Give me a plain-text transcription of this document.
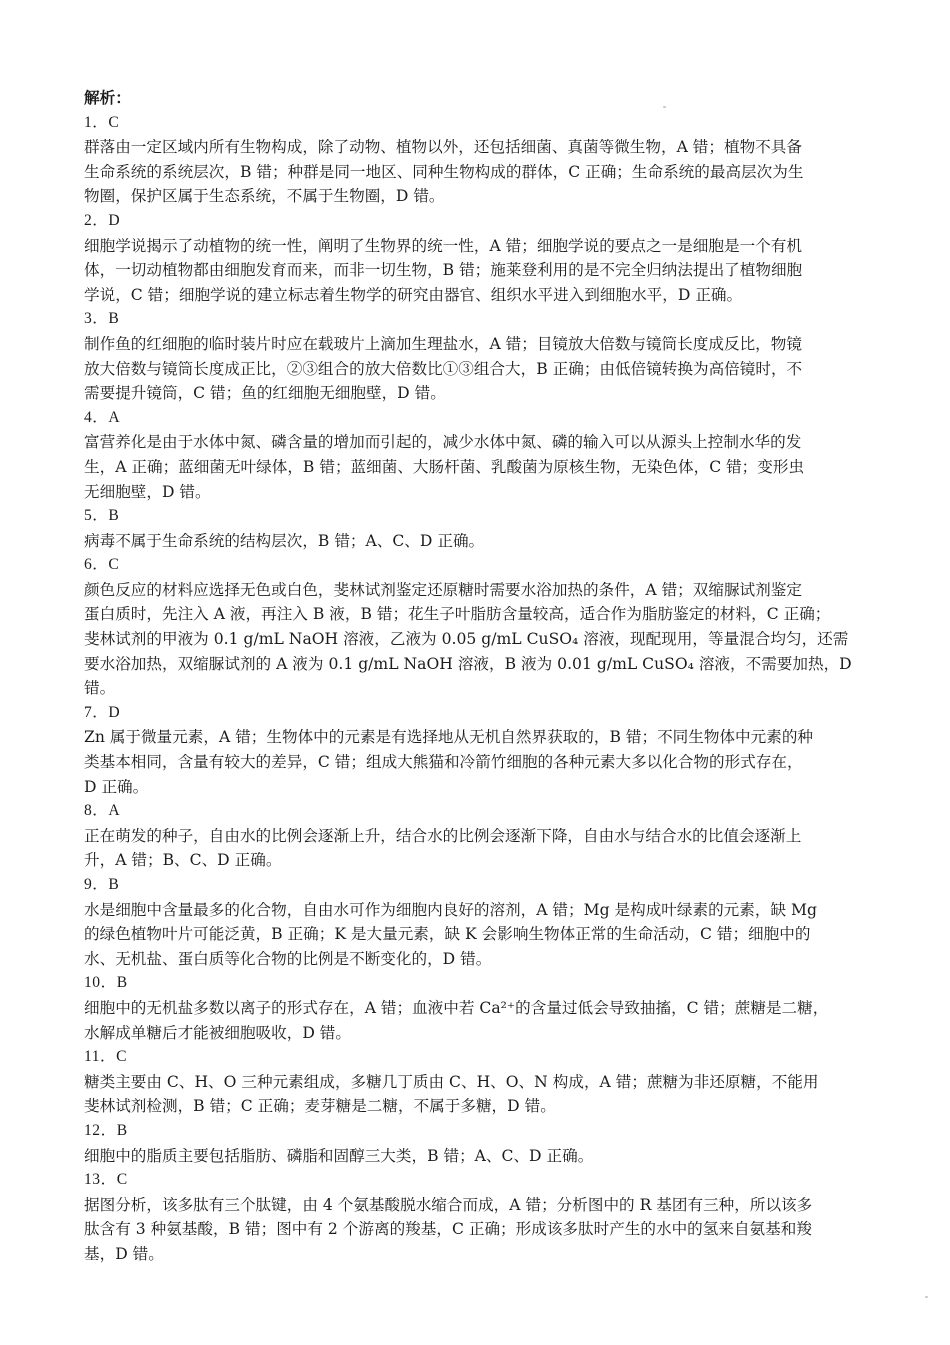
解析：
1．C
群落由一定区域内所有生物构成，除了动物、植物以外，还包括细菌、真菌等微生物，A 错；植物不具备
生命系统的系统层次，B 错；种群是同一地区、同种生物构成的群体，C 正确；生命系统的最高层次为生
物圈，保护区属于生态系统，不属于生物圈，D 错。
2．D
细胞学说揭示了动植物的统一性，阐明了生物界的统一性，A 错；细胞学说的要点之一是细胞是一个有机
体，一切动植物都由细胞发育而来，而非一切生物，B 错；施莱登利用的是不完全归纳法提出了植物细胞
学说，C 错；细胞学说的建立标志着生物学的研究由器官、组织水平进入到细胞水平，D 正确。
3．B
制作鱼的红细胞的临时装片时应在载玻片上滴加生理盐水，A 错；目镜放大倍数与镜筒长度成反比，物镜
放大倍数与镜筒长度成正比，②③组合的放大倍数比①③组合大，B 正确；由低倍镜转换为高倍镜时，不
需要提升镜筒，C 错；鱼的红细胞无细胞壁，D 错。
4．A
富营养化是由于水体中氮、磷含量的增加而引起的，减少水体中氮、磷的输入可以从源头上控制水华的发
生，A 正确；蓝细菌无叶绿体，B 错；蓝细菌、大肠杆菌、乳酸菌为原核生物，无染色体，C 错；变形虫
无细胞壁，D 错。
5．B
病毒不属于生命系统的结构层次，B 错；A、C、D 正确。
6．C
颜色反应的材料应选择无色或白色，斐林试剂鉴定还原糖时需要水浴加热的条件，A 错；双缩脲试剂鉴定
蛋白质时，先注入 A 液，再注入 B 液，B 错；花生子叶脂肪含量较高，适合作为脂肪鉴定的材料，C 正确；
斐林试剂的甲液为 0.1 g/mL NaOH 溶液，乙液为 0.05 g/mL CuSO₄ 溶液，现配现用，等量混合均匀，还需
要水浴加热，双缩脲试剂的 A 液为 0.1 g/mL NaOH 溶液，B 液为 0.01 g/mL CuSO₄ 溶液，不需要加热，D
错。
7．D
Zn 属于微量元素，A 错；生物体中的元素是有选择地从无机自然界获取的，B 错；不同生物体中元素的种
类基本相同，含量有较大的差异，C 错；组成大熊猫和冷箭竹细胞的各种元素大多以化合物的形式存在，
D 正确。
8．A
正在萌发的种子，自由水的比例会逐渐上升，结合水的比例会逐渐下降，自由水与结合水的比值会逐渐上
升，A 错；B、C、D 正确。
9．B
水是细胞中含量最多的化合物，自由水可作为细胞内良好的溶剂，A 错；Mg 是构成叶绿素的元素，缺 Mg
的绿色植物叶片可能泛黄，B 正确；K 是大量元素，缺 K 会影响生物体正常的生命活动，C 错；细胞中的
水、无机盐、蛋白质等化合物的比例是不断变化的，D 错。
10．B
细胞中的无机盐多数以离子的形式存在，A 错；血液中若 Ca²⁺的含量过低会导致抽搐，C 错；蔗糖是二糖，
水解成单糖后才能被细胞吸收，D 错。
11．C
糖类主要由 C、H、O 三种元素组成，多糖几丁质由 C、H、O、N 构成，A 错；蔗糖为非还原糖，不能用
斐林试剂检测，B 错；C 正确；麦芽糖是二糖，不属于多糖，D 错。
12．B
细胞中的脂质主要包括脂肪、磷脂和固醇三大类，B 错；A、C、D 正确。
13．C
据图分析，该多肽有三个肽键，由 4 个氨基酸脱水缩合而成，A 错；分析图中的 R 基团有三种，所以该多
肽含有 3 种氨基酸，B 错；图中有 2 个游离的羧基，C 正确；形成该多肽时产生的水中的氢来自氨基和羧
基，D 错。
